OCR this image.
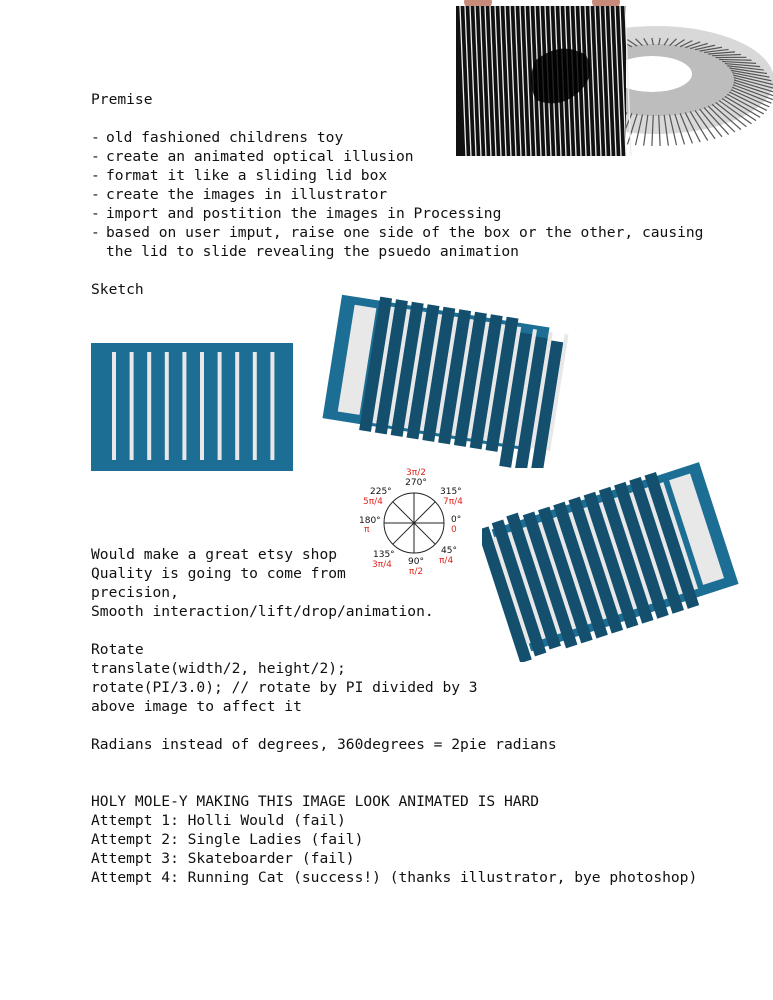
Premise
- old fashioned childrens toy
- create an animated optical illusion
- format it like a sliding lid box
- create the images in illustrator
- import and postition the images in Processing
- based on user imput, raise one side of the box or the other, causing
the lid to slide revealing the psuedo animation
Sketch
3π/2
270°
315°
7π/4
0°
0
45°
π/4
90°
π/2
135°
3π/4
180°
π
225°
5π/4
Would make a great etsy shop
Quality is going to come from
precision,
Smooth interaction/lift/drop/animation.
Rotate
translate(width/2, height/2);
rotate(PI/3.0); // rotate by PI divided by 3
above image to affect it
Radians instead of degrees, 360degrees = 2pie radians
HOLY MOLE-Y MAKING THIS IMAGE LOOK ANIMATED IS HARD
Attempt 1: Holli Would (fail)
Attempt 2: Single Ladies (fail)
Attempt 3: Skateboarder (fail)
Attempt 4: Running Cat (success!) (thanks illustrator, bye photoshop)
